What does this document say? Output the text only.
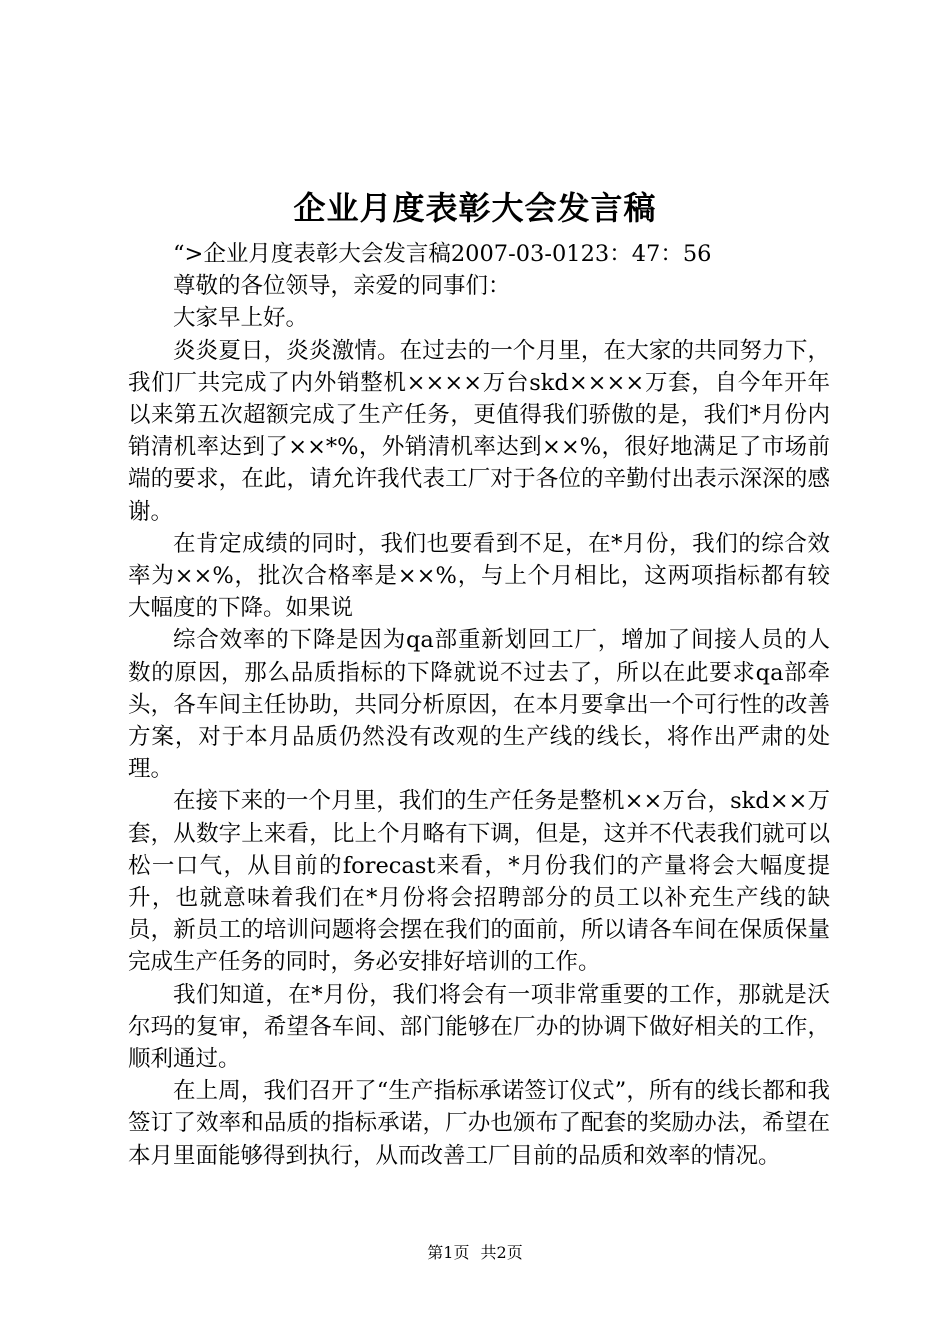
企业月度表彰大会发言稿

“>企业月度表彰大会发言稿2007-03-0123：47：56

尊敬的各位领导，亲爱的同事们：

大家早上好。

炎炎夏日，炎炎激情。在过去的一个月里，在大家的共同努力下，我们厂共完成了内外销整机××××万台skd××××万套，自今年开年以来第五次超额完成了生产任务，更值得我们骄傲的是，我们*月份内销清机率达到了××*%，外销清机率达到××%，很好地满足了市场前端的要求，在此，请允许我代表工厂对于各位的辛勤付出表示深深的感谢。

在肯定成绩的同时，我们也要看到不足，在*月份，我们的综合效率为××%，批次合格率是××%，与上个月相比，这两项指标都有较大幅度的下降。如果说

综合效率的下降是因为qa部重新划回工厂，增加了间接人员的人数的原因，那么品质指标的下降就说不过去了，所以在此要求qa部牵头，各车间主任协助，共同分析原因，在本月要拿出一个可行性的改善方案，对于本月品质仍然没有改观的生产线的线长，将作出严肃的处理。

在接下来的一个月里，我们的生产任务是整机××万台，skd××万套，从数字上来看，比上个月略有下调，但是，这并不代表我们就可以松一口气，从目前的forecast来看，*月份我们的产量将会大幅度提升，也就意味着我们在*月份将会招聘部分的员工以补充生产线的缺员，新员工的培训问题将会摆在我们的面前，所以请各车间在保质保量完成生产任务的同时，务必安排好培训的工作。

我们知道，在*月份，我们将会有一项非常重要的工作，那就是沃尔玛的复审，希望各车间、部门能够在厂办的协调下做好相关的工作，顺利通过。

在上周，我们召开了“生产指标承诺签订仪式”，所有的线长都和我签订了效率和品质的指标承诺，厂办也颁布了配套的奖励办法，希望在本月里面能够得到执行，从而改善工厂目前的品质和效率的情况。

第1页 共2页
